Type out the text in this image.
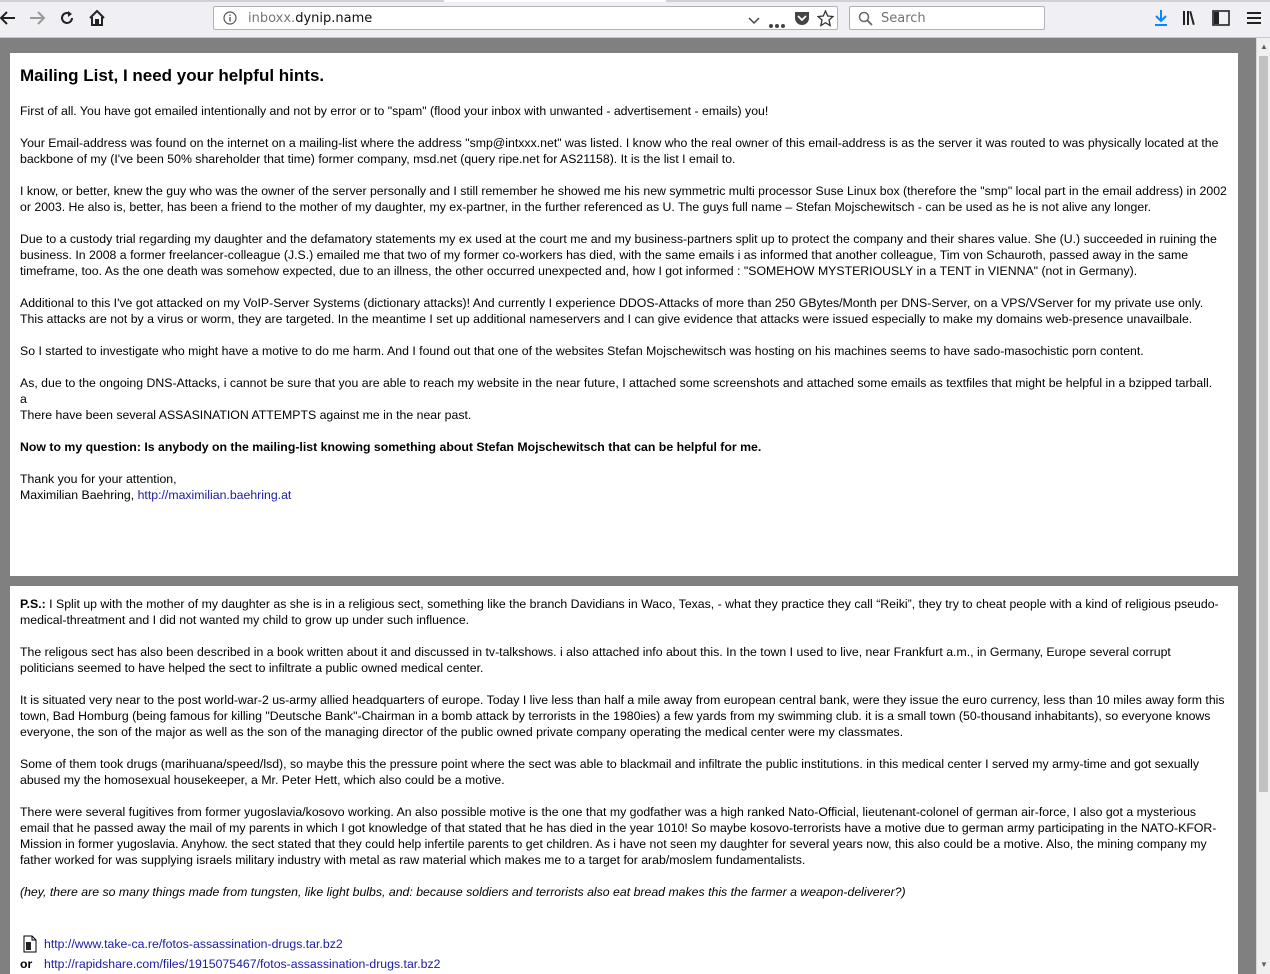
inboxx.dynip.name	Search
Mailing List, I need your helpful hints.

First of all. You have got emailed intentionally and not by error or to "spam" (flood your inbox with unwanted - advertisement - emails) you!

Your Email-address was found on the internet on a mailing-list where the address "smp@intxxx.net" was listed. I know who the real owner of this email-address is as the server it was routed to was physically located at the backbone of my (I've been 50% shareholder that time) former company, msd.net (query ripe.net for AS21158). It is the list I email to.

I know, or better, knew the guy who was the owner of the server personally and I still remember he showed me his new symmetric multi processor Suse Linux box (therefore the "smp" local part in the email address) in 2002 or 2003. He also is, better, has been a friend to the mother of my daughter, my ex-partner, in the further referenced as U. The guys full name – Stefan Mojschewitsch - can be used as he is not alive any longer.

Due to a custody trial regarding my daughter and the defamatory statements my ex used at the court me and my business-partners split up to protect the company and their shares value. She (U.) succeeded in ruining the business. In 2008 a former freelancer-colleague (J.S.) emailed me that two of my former co-workers has died, with the same emails i as informed that another colleague, Tim von Schauroth, passed away in the same timeframe, too. As the one death was somehow expected, due to an illness, the other occurred unexpected and, how I got informed : "SOMEHOW MYSTERIOUSLY in a TENT in VIENNA" (not in Germany).

Additional to this I've got attacked on my VoIP-Server Systems (dictionary attacks)! And currently I experience DDOS-Attacks of more than 250 GBytes/Month per DNS-Server, on a VPS/VServer for my private use only. This attacks are not by a virus or worm, they are targeted. In the meantime I set up additional nameservers and I can give evidence that attacks were issued especially to make my domains web-presence unavailbale.

So I started to investigate who might have a motive to do me harm. And I found out that one of the websites Stefan Mojschewitsch was hosting on his machines seems to have sado-masochistic porn content.

As, due to the ongoing DNS-Attacks, i cannot be sure that you are able to reach my website in the near future, I attached some screenshots and attached some emails as textfiles that might be helpful in a bzipped tarball.
a
There have been several ASSASINATION ATTEMPTS against me in the near past.

Now to my question: Is anybody on the mailing-list knowing something about Stefan Mojschewitsch that can be helpful for me.

Thank you for your attention,
Maximilian Baehring, http://maximilian.baehring.at

P.S.: I Split up with the mother of my daughter as she is in a religious sect, something like the branch Davidians in Waco, Texas, - what they practice they call “Reiki”, they try to cheat people with a kind of religious pseudo-medical-threatment and I did not wanted my child to grow up under such influence.

The religous sect has also been described in a book written about it and discussed in tv-talkshows. i also attached info about this. In the town I used to live, near Frankfurt a.m., in Germany, Europe several corrupt politicians seemed to have helped the sect to infiltrate a public owned medical center.

It is situated very near to the post world-war-2 us-army allied headquarters of europe. Today I live less than half a mile away from european central bank, were they issue the euro currency, less than 10 miles away form this town, Bad Homburg (being famous for killing "Deutsche Bank"-Chairman in a bomb attack by terrorists in the 1980ies) a few yards from my swimming club. it is a small town (50-thousand inhabitants), so everyone knows everyone, the son of the major as well as the son of the managing director of the public owned private company operating the medical center were my classmates.

Some of them took drugs (marihuana/speed/lsd), so maybe this the pressure point where the sect was able to blackmail and infiltrate the public institutions. in this medical center I served my army-time and got sexually abused my the homosexual housekeeper, a Mr. Peter Hett, which also could be a motive.

There were several fugitives from former yugoslavia/kosovo working. An also possible motive is the one that my godfather was a high ranked Nato-Official, lieutenant-colonel of german air-force, I also got a mysterious email that he passed away the mail of my parents in which I got knowledge of that stated that he has died in the year 1010! So maybe kosovo-terrorists have a motive due to german army participating in the NATO-KFOR-Mission in former yugoslavia. Anyhow. the sect stated that they could help infertile parents to get children. As i have not seen my daughter for several years now, this also could be a motive. Also, the mining company my father worked for was supplying israels military industry with metal as raw material which makes me to a target for arab/moslem fundamentalists.

(hey, there are so many things made from tungsten, like light bulbs, and: because soldiers and terrorists also eat bread makes this the farmer a weapon-deliverer?)

http://www.take-ca.re/fotos-assassination-drugs.tar.bz2
or http://rapidshare.com/files/1915075467/fotos-assassination-drugs.tar.bz2
▲
▼
